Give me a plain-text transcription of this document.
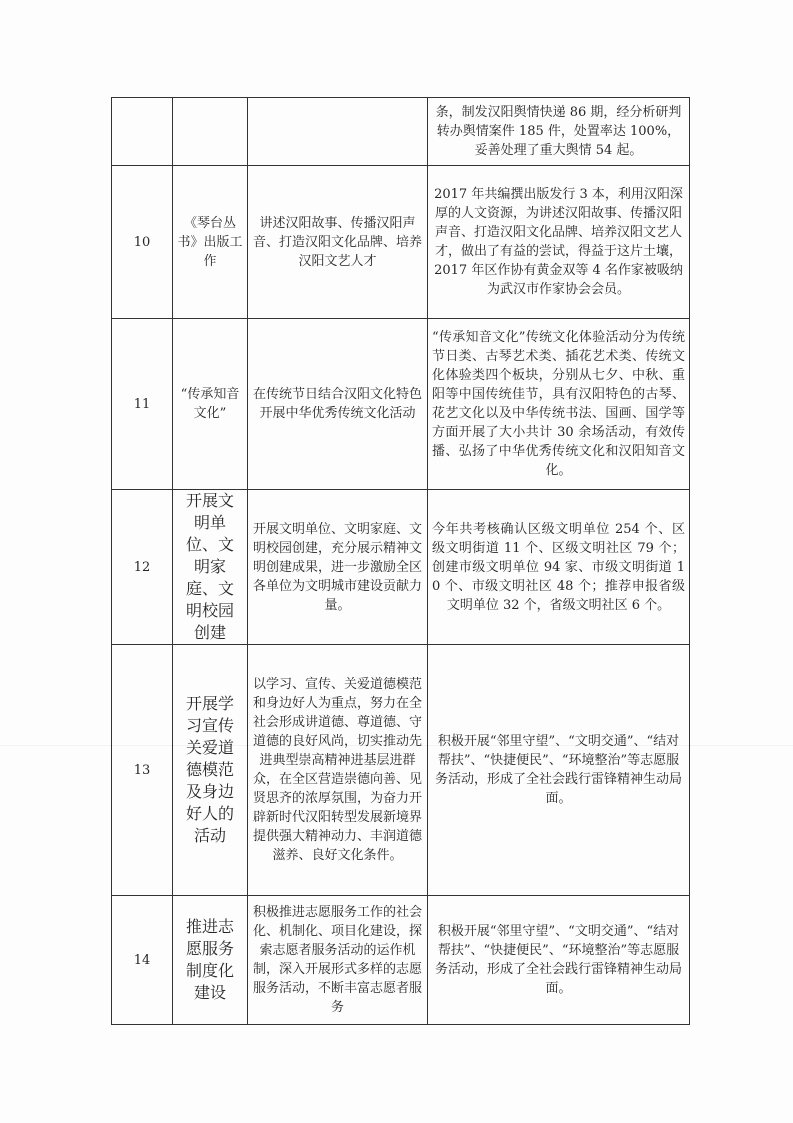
			条，制发汉阳舆情快递 86 期，经分析研判转办舆情案件 185 件，处置率达 100%，妥善处理了重大舆情 54 起。
10	《琴台丛书》出版工作	讲述汉阳故事、传播汉阳声音、打造汉阳文化品牌、培养汉阳文艺人才	2017 年共编撰出版发行 3 本，利用汉阳深厚的人文资源，为讲述汉阳故事、传播汉阳声音、打造汉阳文化品牌、培养汉阳文艺人才，做出了有益的尝试，得益于这片土壤，2017 年区作协有黄金双等 4 名作家被吸纳为武汉市作家协会会员。
11	“传承知音文化”	在传统节日结合汉阳文化特色开展中华优秀传统文化活动	“传承知音文化”传统文化体验活动分为传统节日类、古琴艺术类、插花艺术类、传统文化体验类四个板块，分别从七夕、中秋、重阳等中国传统佳节，具有汉阳特色的古琴、花艺文化以及中华传统书法、国画、国学等方面开展了大小共计 30 余场活动，有效传播、弘扬了中华优秀传统文化和汉阳知音文化。
12	开展文明单位、文明家庭、文明校园创建	开展文明单位、文明家庭、文明校园创建，充分展示精神文明创建成果，进一步激励全区各单位为文明城市建设贡献力量。	今年共考核确认区级文明单位 254 个、区级文明街道 11 个、区级文明社区 79 个；创建市级文明单位 94 家、市级文明街道 10 个、市级文明社区 48 个；推荐申报省级文明单位 32 个，省级文明社区 6 个。
13	开展学习宣传关爱道德模范及身边好人的活动	以学习、宣传、关爱道德模范和身边好人为重点，努力在全社会形成讲道德、尊道德、守道德的良好风尚，切实推动先进典型崇高精神进基层进群众，在全区营造崇德向善、见贤思齐的浓厚氛围，为奋力开辟新时代汉阳转型发展新境界提供强大精神动力、丰润道德滋养、良好文化条件。	积极开展“邻里守望”、“文明交通”、“结对帮扶”、“快捷便民”、“环境整治”等志愿服务活动，形成了全社会践行雷锋精神生动局面。
14	推进志愿服务制度化建设	积极推进志愿服务工作的社会化、机制化、项目化建设，探索志愿者服务活动的运作机制，深入开展形式多样的志愿服务活动，不断丰富志愿者服务	积极开展“邻里守望”、“文明交通”、“结对帮扶”、“快捷便民”、“环境整治”等志愿服务活动，形成了全社会践行雷锋精神生动局面。
